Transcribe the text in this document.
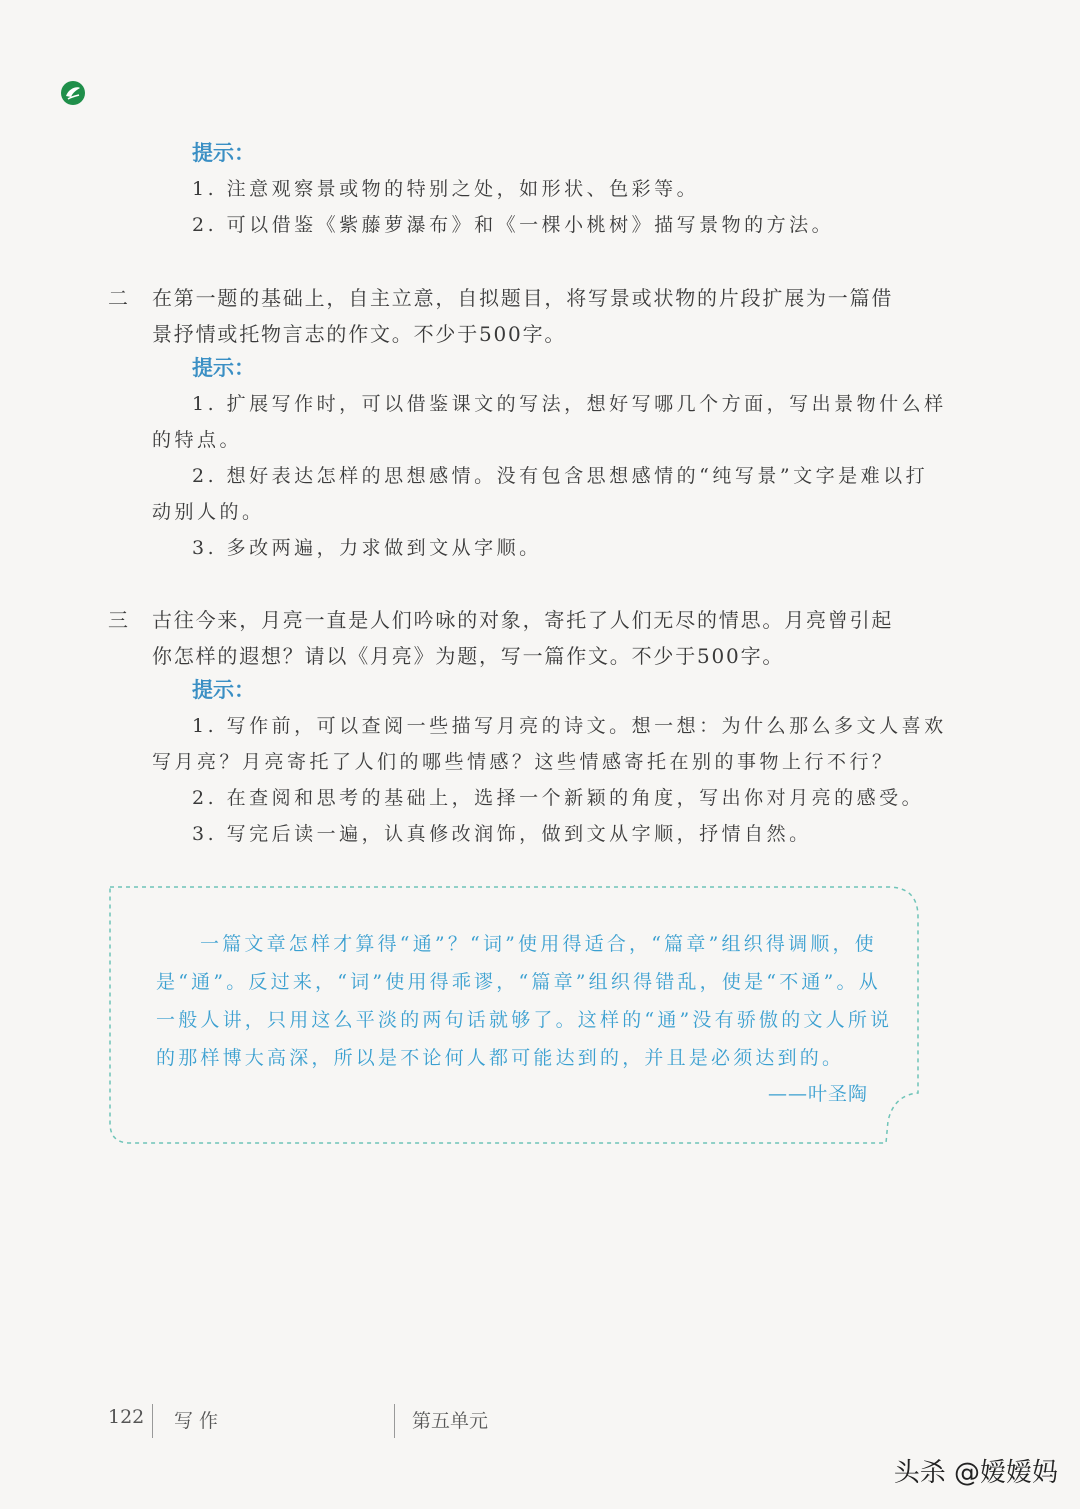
提示：
1. 注意观察景或物的特别之处，如形状、色彩等。
2. 可以借鉴《紫藤萝瀑布》和《一棵小桃树》描写景物的方法。
二 在第一题的基础上，自主立意，自拟题目，将写景或状物的片段扩展为一篇借
景抒情或托物言志的作文。不少于500字。
提示：
1. 扩展写作时，可以借鉴课文的写法，想好写哪几个方面，写出景物什么样
的特点。
2. 想好表达怎样的思想感情。没有包含思想感情的“纯写景”文字是难以打
动别人的。
3. 多改两遍，力求做到文从字顺。
三 古往今来，月亮一直是人们吟咏的对象，寄托了人们无尽的情思。月亮曾引起
你怎样的遐想？请以《月亮》为题，写一篇作文。不少于500字。
提示：
1. 写作前，可以查阅一些描写月亮的诗文。想一想：为什么那么多文人喜欢
写月亮？月亮寄托了人们的哪些情感？这些情感寄托在别的事物上行不行？
2. 在查阅和思考的基础上，选择一个新颖的角度，写出你对月亮的感受。
3. 写完后读一遍，认真修改润饰，做到文从字顺，抒情自然。
一篇文章怎样才算得“通”？“词”使用得适合，“篇章”组织得调顺，使
是“通”。反过来，“词”使用得乖谬，“篇章”组织得错乱，使是“不通”。从
一般人讲，只用这么平淡的两句话就够了。这样的“通”没有骄傲的文人所说
的那样博大高深，所以是不论何人都可能达到的，并且是必须达到的。
——叶圣陶
122 写 作	第五单元
头杀 @嫒嫒妈
